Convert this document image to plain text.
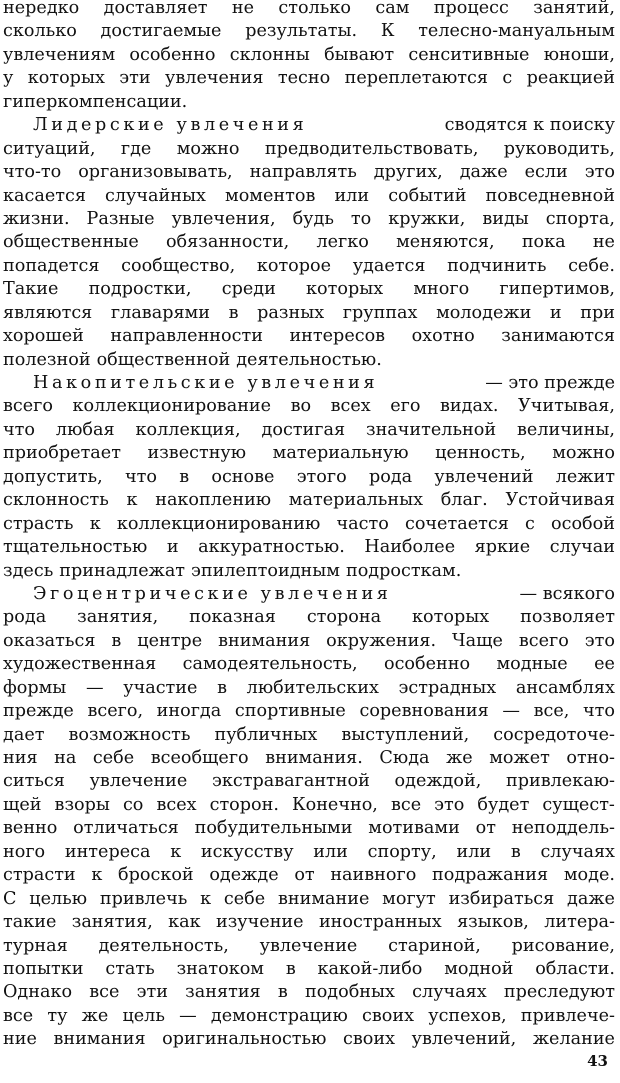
нередко доставляет не столько сам процесс занятий,
сколько достигаемые результаты. К телесно-мануальным
увлечениям особенно склонны бывают сенситивные юноши,
у которых эти увлечения тесно переплетаются с реакцией
гиперкомпенсации.
Лидерские увлечения	сводятся к поиску
ситуаций, где можно предводительствовать, руководить,
что-то организовывать, направлять других, даже если это
касается случайных моментов или событий повседневной
жизни. Разные увлечения, будь то кружки, виды спорта,
общественные обязанности, легко меняются, пока не
попадется сообщество, которое удается подчинить себе.
Такие подростки, среди которых много гипертимов,
являются главарями в разных группах молодежи и при
хорошей направленности интересов охотно занимаются
полезной общественной деятельностью.
Накопительские увлечения	— это прежде
всего коллекционирование во всех его видах. Учитывая,
что любая коллекция, достигая значительной величины,
приобретает известную материальную ценность, можно
допустить, что в основе этого рода увлечений лежит
склонность к накоплению материальных благ. Устойчивая
страсть к коллекционированию часто сочетается с особой
тщательностью и аккуратностью. Наиболее яркие случаи
здесь принадлежат эпилептоидным подросткам.
Эгоцентрические увлечения	— всякого
рода занятия, показная сторона которых позволяет
оказаться в центре внимания окружения. Чаще всего это
художественная самодеятельность, особенно модные ее
формы — участие в любительских эстрадных ансамблях
прежде всего, иногда спортивные соревнования — все, что
дает возможность публичных выступлений, сосредоточе-
ния на себе всеобщего внимания. Сюда же может отно-
ситься увлечение экстравагантной одеждой, привлекаю-
щей взоры со всех сторон. Конечно, все это будет сущест-
венно отличаться побудительными мотивами от неподдель-
ного интереса к искусству или спорту, или в случаях
страсти к броской одежде от наивного подражания моде.
С целью привлечь к себе внимание могут избираться даже
такие занятия, как изучение иностранных языков, литера-
турная деятельность, увлечение стариной, рисование,
попытки стать знатоком в какой-либо модной области.
Однако все эти занятия в подобных случаях преследуют
все ту же цель — демонстрацию своих успехов, привлече-
ние внимания оригинальностью своих увлечений, желание
43
